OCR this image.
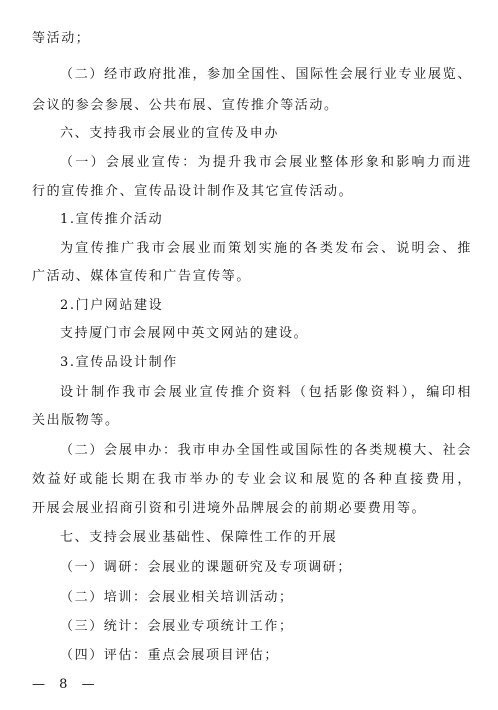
等活动；
（二）经市政府批准，参加全国性、国际性会展行业专业展览、
会议的参会参展、公共布展、宣传推介等活动。
六、支持我市会展业的宣传及申办
（一）会展业宣传：为提升我市会展业整体形象和影响力而进
行的宣传推介、宣传品设计制作及其它宣传活动。
1.宣传推介活动
为宣传推广我市会展业而策划实施的各类发布会、说明会、推
广活动、媒体宣传和广告宣传等。
2.门户网站建设
支持厦门市会展网中英文网站的建设。
3.宣传品设计制作
设计制作我市会展业宣传推介资料（包括影像资料），编印相
关出版物等。
（二）会展申办：我市申办全国性或国际性的各类规模大、社会
效益好或能长期在我市举办的专业会议和展览的各种直接费用，
开展会展业招商引资和引进境外品牌展会的前期必要费用等。
七、支持会展业基础性、保障性工作的开展
（一）调研：会展业的课题研究及专项调研；
（二）培训：会展业相关培训活动；
（三）统计：会展业专项统计工作；
（四）评估：重点会展项目评估；
— 8 —
